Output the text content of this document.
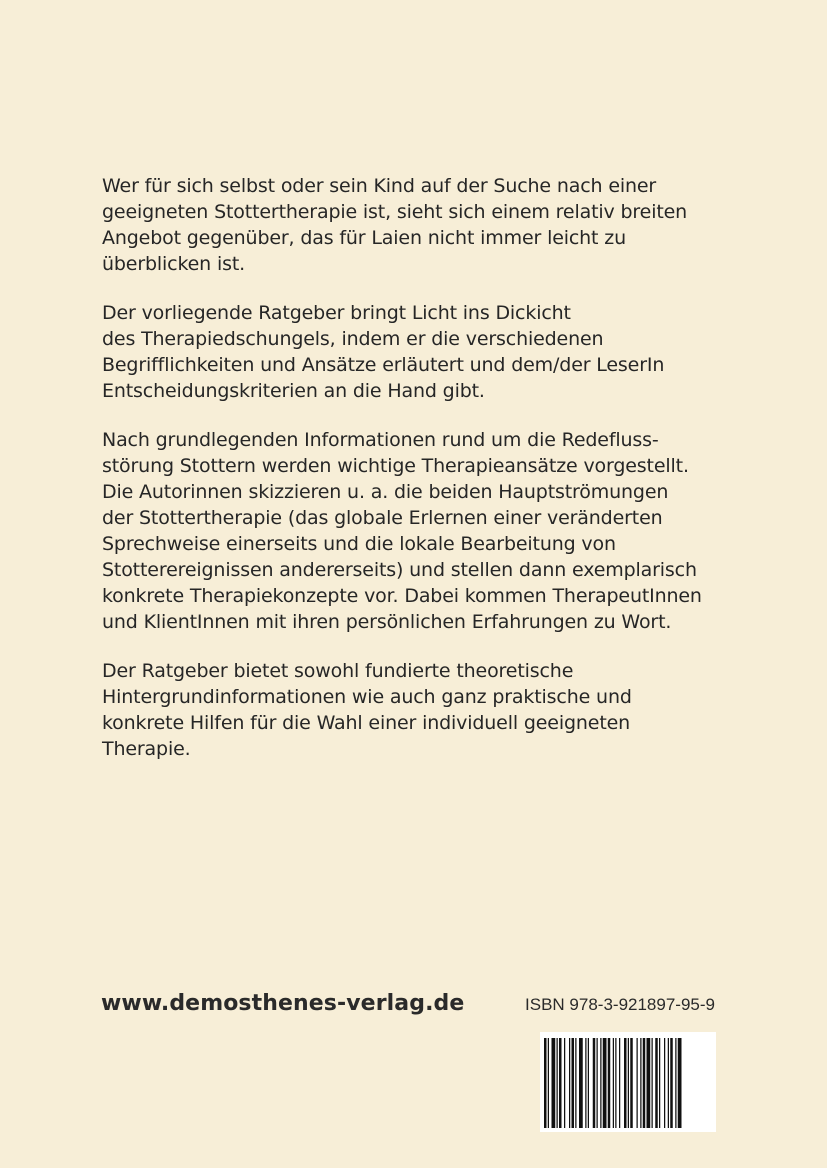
Wer für sich selbst oder sein Kind auf der Suche nach einer
geeigneten Stottertherapie ist, sieht sich einem relativ breiten
Angebot gegenüber, das für Laien nicht immer leicht zu
überblicken ist.
Der vorliegende Ratgeber bringt Licht ins Dickicht
des Therapiedschungels, indem er die verschiedenen
Begrifflichkeiten und Ansätze erläutert und dem/der LeserIn
Entscheidungskriterien an die Hand gibt.
Nach grundlegenden Informationen rund um die Redefluss-
störung Stottern werden wichtige Therapieansätze vorgestellt.
Die Autorinnen skizzieren u. a. die beiden Hauptströmungen
der Stottertherapie (das globale Erlernen einer veränderten
Sprechweise einerseits und die lokale Bearbeitung von
Stotterereignissen andererseits) und stellen dann exemplarisch
konkrete Therapiekonzepte vor. Dabei kommen TherapeutInnen
und KlientInnen mit ihren persönlichen Erfahrungen zu Wort.
Der Ratgeber bietet sowohl fundierte theoretische
Hintergrundinformationen wie auch ganz praktische und
konkrete Hilfen für die Wahl einer individuell geeigneten
Therapie.
www.demosthenes-verlag.de	ISBN 978-3-921897-95-9
